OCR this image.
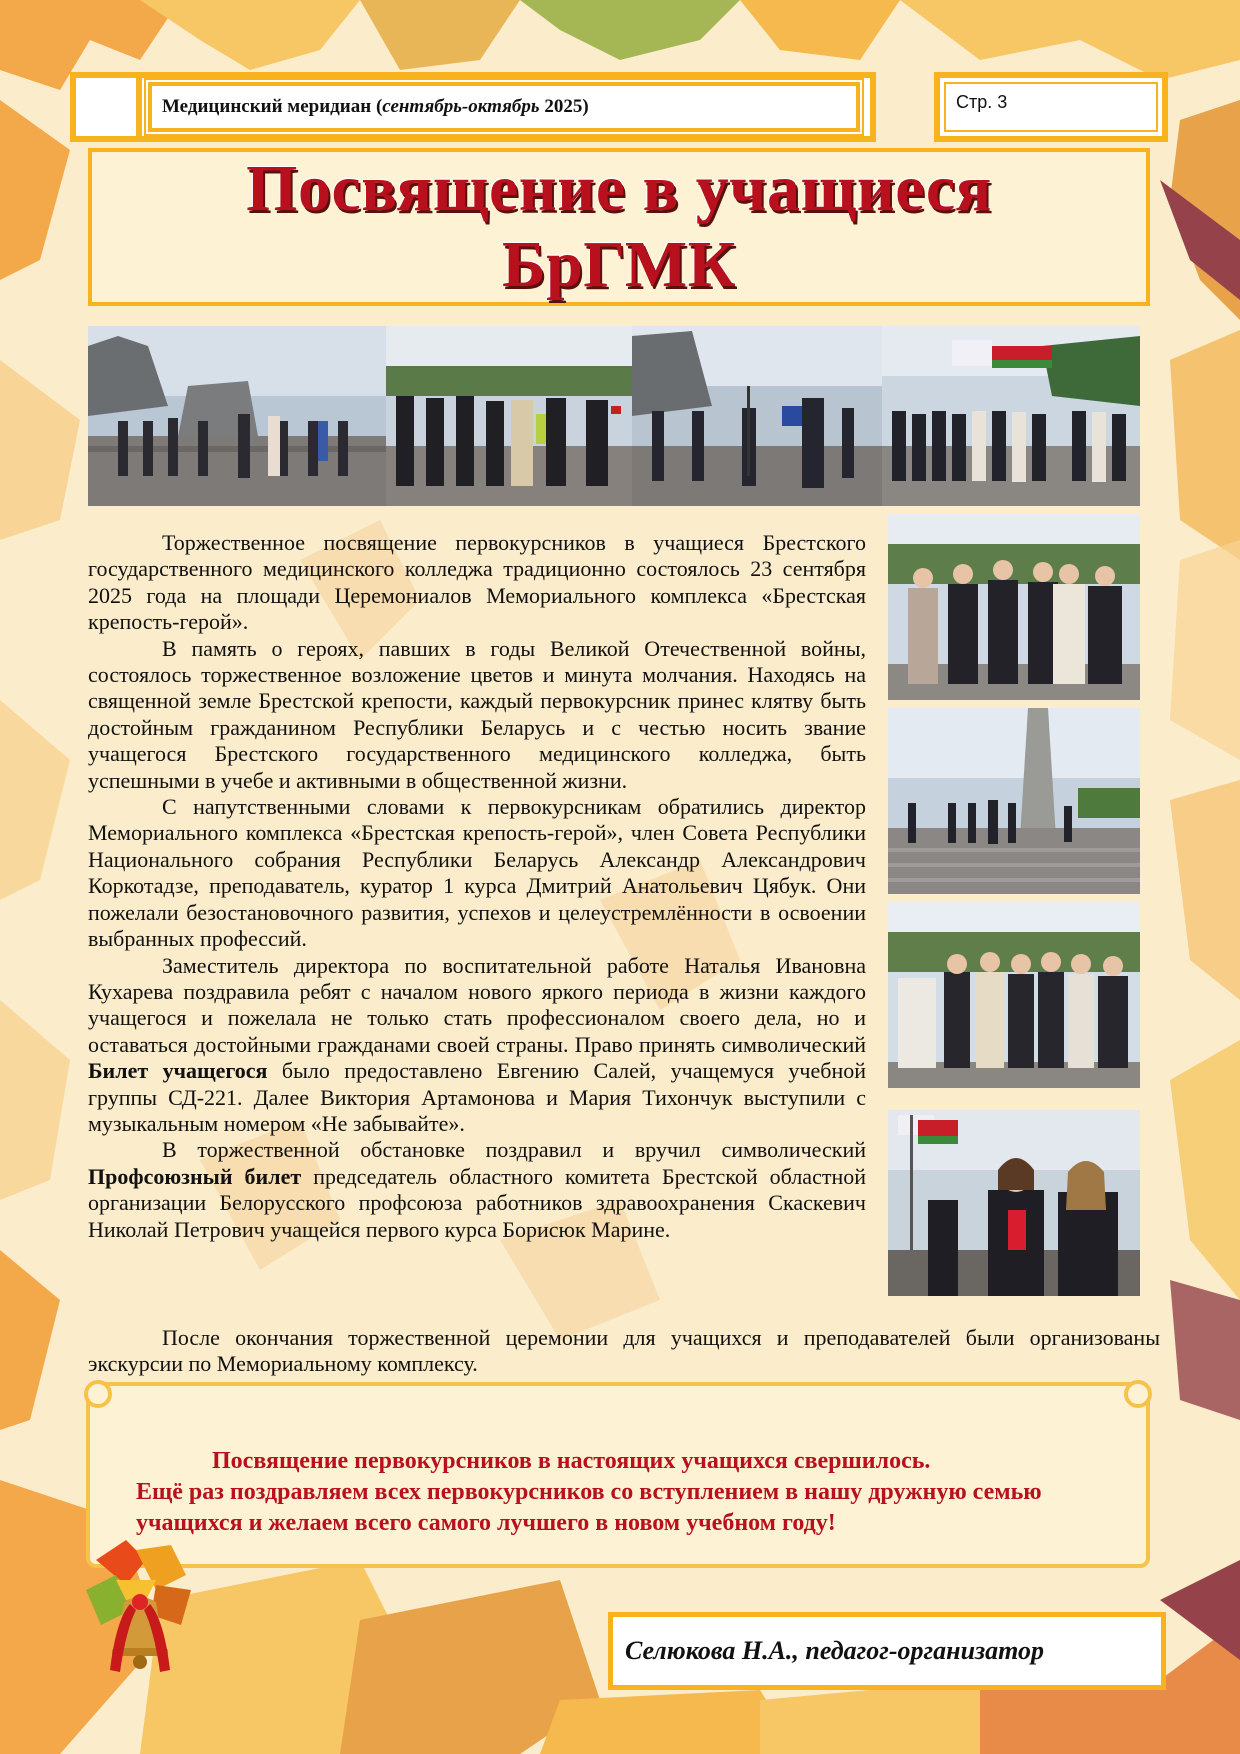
Медицинский меридиан ( сентябрь-октябрь
2025 )	Стр. 3
Посвящение в учащиеся
БрГМК

Торжественное посвящение первокурсников в учащиеся Брестского государственного медицинского колледжа традиционно состоялось 23 сентября 2025 года на площади Церемониалов Мемориального комплекса «Брестская крепость-герой».

В память о героях, павших в годы Великой Отечественной войны, состоялось торжественное возложение цветов и минута молчания. Находясь на священной земле Брестской крепости, каждый первокурсник принес клятву быть достойным гражданином Республики Беларусь и с честью носить звание учащегося Брестского государственного медицинского колледжа, быть успешными в учебе и активными в общественной жизни.

С напутственными словами к первокурсникам обратились директор Мемориального комплекса «Брестская крепость-герой», член Совета Республики Национального собрания Республики Беларусь Александр Александрович Коркотадзе, преподаватель, куратор 1 курса Дмитрий Анатольевич Цябук. Они пожелали безостановочного развития, успехов и целеустремлённости в освоении выбранных профессий.

Заместитель директора по воспитательной работе Наталья Ивановна Кухарева поздравила ребят с началом нового яркого периода в жизни каждого учащегося и пожелала не только стать профессионалом своего дела, но и оставаться достойными гражданами своей страны. Право принять символический Билет учащегося было предоставлено Евгению Салей, учащемуся учебной группы СД-221. Далее Виктория Артамонова и Мария Тихончук выступили с музыкальным номером «Не забывайте».

В торжественной обстановке поздравил и вручил символический Профсоюзный билет председатель областного комитета Брестской областной организации Белорусского профсоюза работников здравоохранения Скаскевич Николай Петрович учащейся первого курса Борисюк Марине.

После окончания торжественной церемонии для учащихся и преподавателей были организованы экскурсии по Мемориальному комплексу.
Посвящение первокурсников в настоящих учащихся свершилось.
Ещё раз поздравляем всех первокурсников со вступлением в нашу дружную семью учащихся и желаем всего самого лучшего в новом учебном году!
Селюкова Н.А., педагог-организатор
